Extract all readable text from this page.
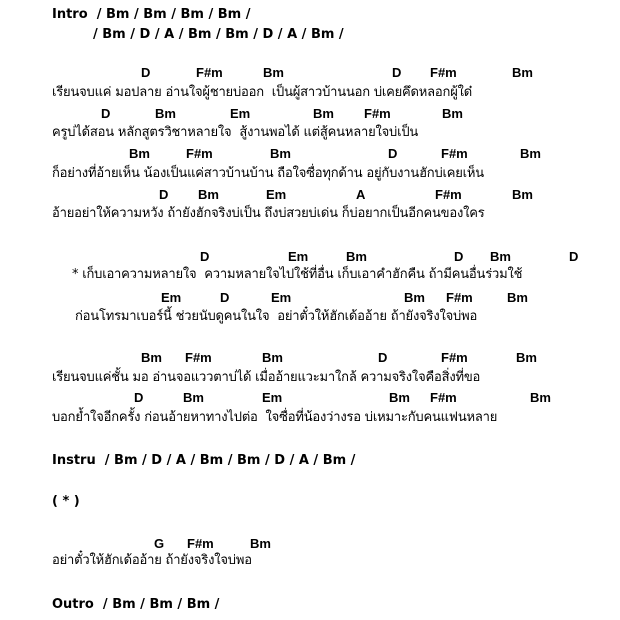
Intro  / Bm / Bm / Bm / Bm /
/ Bm / D / A / Bm / Bm / D / A / Bm /
D	F#m	Bm	D F#m	Bm
D	Bm	Em	Bm F#m	Bm
Bm	F#m	Bm	D	F#m	Bm
D Bm	Em	A	F#m	Bm
เรียนจบแค่ มอปลาย อ่านใจผู้ชายบ่ออก  เป็นผู้สาวบ้านนอก บ่เคยคึดหลอกผู้ใด๋
ครูบ่ได้สอน หลักสูตรวิชาหลายใจ  สู้งานพอได้ แต่สู้คนหลายใจบ่เป็น
ก็อย่างที่อ้ายเห็น น้องเป็นแค่สาวบ้านบ้าน ถือใจซื่อทุกด้าน อยู่กับงานฮักบ่เคยเห็น
อ้ายอย่าให้ความหวัง ถ้ายังฮักจริงบ่เป็น ถึงบ่สวยบ่เด่น ก็บ่อยากเป็นอีกคนของใคร
D	Em	Bm	D Bm	D
Em	D	Em	Bm F#m	Bm
* เก็บเอาความหลายใจ  ความหลายใจไปใช้ที่อื่น เก็บเอาคำฮักคืน ถ้ามีคนอื่นร่วมใช้
ก่อนโทรมาเบอร์นี้ ช่วยนับดูคนในใจ  อย่าตั๋วให้ฮักเด้ออ้าย ถ้ายังจริงใจบ่พอ
Bm F#m	Bm	D	F#m	Bm
D	Bm	Em	Bm F#m	Bm
เรียนจบแค่ชั้น มอ อ่านจอแววตาบ่ได้ เมื่ออ้ายแวะมาใกล้ ความจริงใจคือสิ่งที่ขอ
บอกย้ำใจอีกครั้ง ก่อนอ้ายหาทางไปต่อ  ใจซื่อที่น้องว่างรอ บ่เหมาะกับคนแฟนหลาย
Instru  / Bm / D / A / Bm / Bm / D / A / Bm /
( * )
G F#m	Bm
อย่าตั๋วให้ฮักเด้ออ้าย ถ้ายังจริงใจบ่พอ
Outro  / Bm / Bm / Bm /
